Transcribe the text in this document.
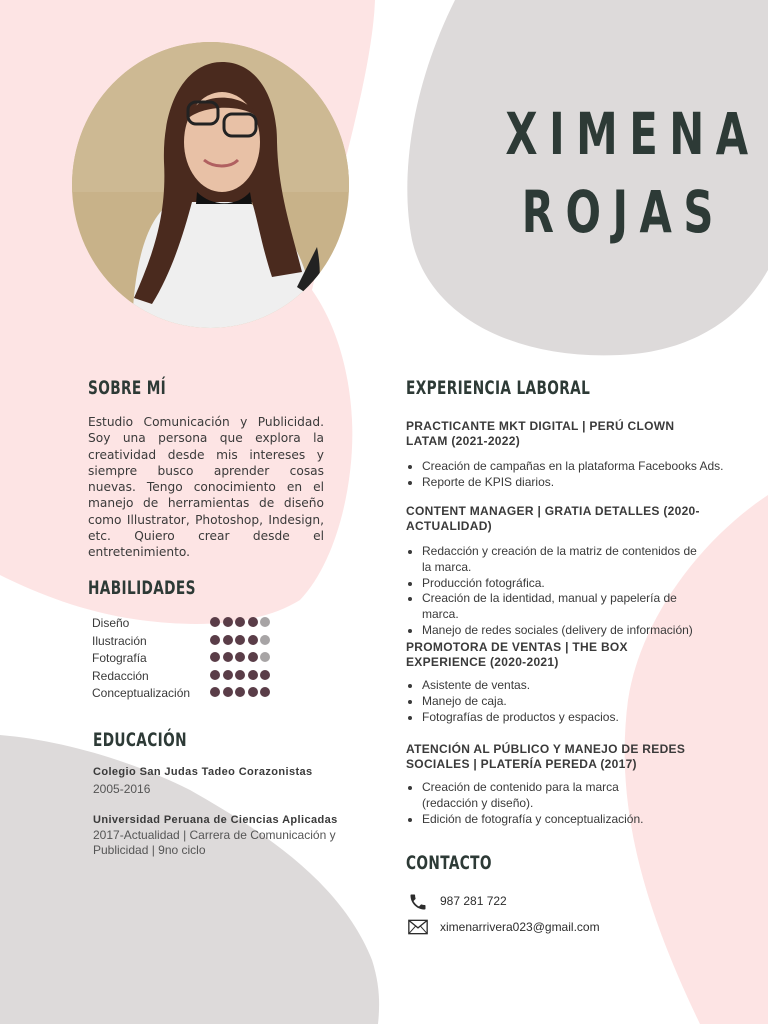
XIMENA
ROJAS
SOBRE MÍ
Estudio Comunicación y Publicidad. Soy una persona que explora la creatividad desde mis intereses y siempre busco aprender cosas nuevas. Tengo conocimiento en el manejo de herramientas de diseño como Illustrator, Photoshop, Indesign, etc. Quiero crear desde el entretenimiento.
HABILIDADES
Diseño
Ilustración
Fotografía
Redacción
Conceptualización
EDUCACIÓN
Colegio San Judas Tadeo Corazonistas
2005-2016
Universidad Peruana de Ciencias Aplicadas
2017-Actualidad | Carrera de Comunicación y Publicidad | 9no ciclo
EXPERIENCIA LABORAL
PRACTICANTE MKT DIGITAL | PERÚ CLOWN LATAM (2021-2022)
Creación de campañas en la plataforma Facebooks Ads.
Reporte de KPIS diarios.
CONTENT MANAGER | GRATIA DETALLES (2020-ACTUALIDAD)
Redacción y creación de la matriz de contenidos de la marca.
Producción fotográfica.
Creación de la identidad, manual y papelería de marca.
Manejo de redes sociales (delivery de información)
PROMOTORA DE VENTAS | THE BOX EXPERIENCE (2020-2021)
Asistente de ventas.
Manejo de caja.
Fotografías de productos y espacios.
ATENCIÓN AL PÚBLICO Y MANEJO DE REDES SOCIALES | PLATERÍA PEREDA (2017)
Creación de contenido para la marca (redacción y diseño).
Edición de fotografía y conceptualización.
CONTACTO
987 281 722
ximenarrivera023@gmail.com
